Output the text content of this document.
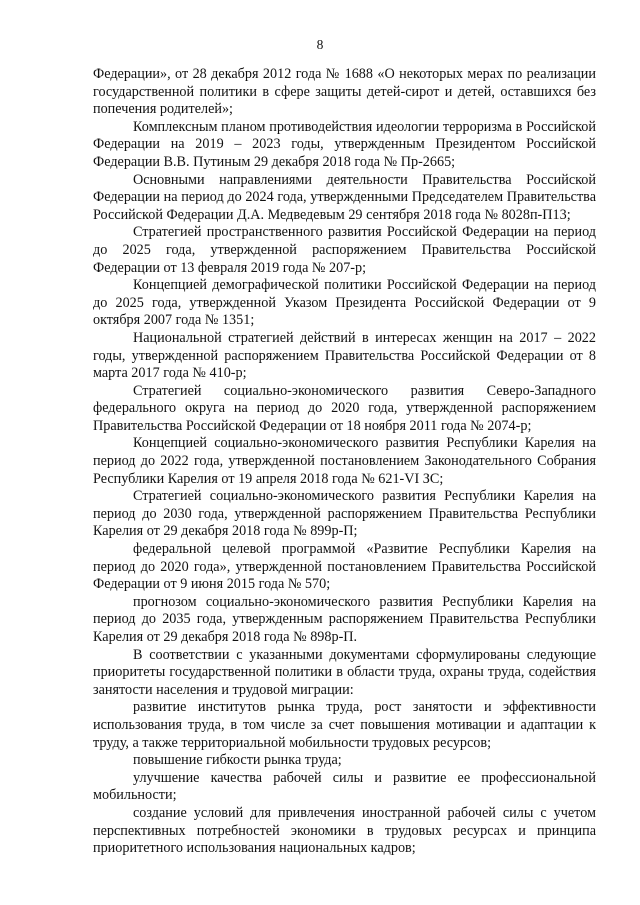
8

Федерации», от 28 декабря 2012 года № 1688 «О некоторых мерах по реализации государственной политики в сфере защиты детей-сирот и детей, оставшихся без попечения родителей»;

Комплексным планом противодействия идеологии терроризма в Российской Федерации на 2019 – 2023 годы, утвержденным Президентом Российской Федерации В.В. Путиным 29 декабря 2018 года № Пр-2665;

Основными направлениями деятельности Правительства Российской Федерации на период до 2024 года, утвержденными Председателем Правительства Российской Федерации Д.А. Медведевым 29 сентября 2018 года № 8028п-П13;

Стратегией пространственного развития Российской Федерации на период до 2025 года, утвержденной распоряжением Правительства Российской Федерации от 13 февраля 2019 года № 207-р;

Концепцией демографической политики Российской Федерации на период до 2025 года, утвержденной Указом Президента Российской Федерации от 9 октября 2007 года № 1351;

Национальной стратегией действий в интересах женщин на 2017 – 2022 годы, утвержденной распоряжением Правительства Российской Федерации от 8 марта 2017 года № 410-р;

Стратегией социально-экономического развития Северо-Западного федерального округа на период до 2020 года, утвержденной распоряжением Правительства Российской Федерации от 18 ноября 2011 года № 2074-р;

Концепцией социально-экономического развития Республики Карелия на период до 2022 года, утвержденной постановлением Законодательного Собрания Республики Карелия от 19 апреля 2018 года № 621-VI ЗС;

Стратегией социально-экономического развития Республики Карелия на период до 2030 года, утвержденной распоряжением Правительства Республики Карелия от 29 декабря 2018 года № 899р-П;

федеральной целевой программой «Развитие Республики Карелия на период до 2020 года», утвержденной постановлением Правительства Российской Федерации от 9 июня 2015 года № 570;

прогнозом социально-экономического развития Республики Карелия на период до 2035 года, утвержденным распоряжением Правительства Республики Карелия от 29 декабря 2018 года № 898р-П.

В соответствии с указанными документами сформулированы следующие приоритеты государственной политики в области труда, охраны труда, содействия занятости населения и трудовой миграции:

развитие институтов рынка труда, рост занятости и эффективности использования труда, в том числе за счет повышения мотивации и адаптации к труду, а также территориальной мобильности трудовых ресурсов;

повышение гибкости рынка труда;

улучшение качества рабочей силы и развитие ее профессиональной мобильности;

создание условий для привлечения иностранной рабочей силы с учетом перспективных потребностей экономики в трудовых ресурсах и принципа приоритетного использования национальных кадров;
